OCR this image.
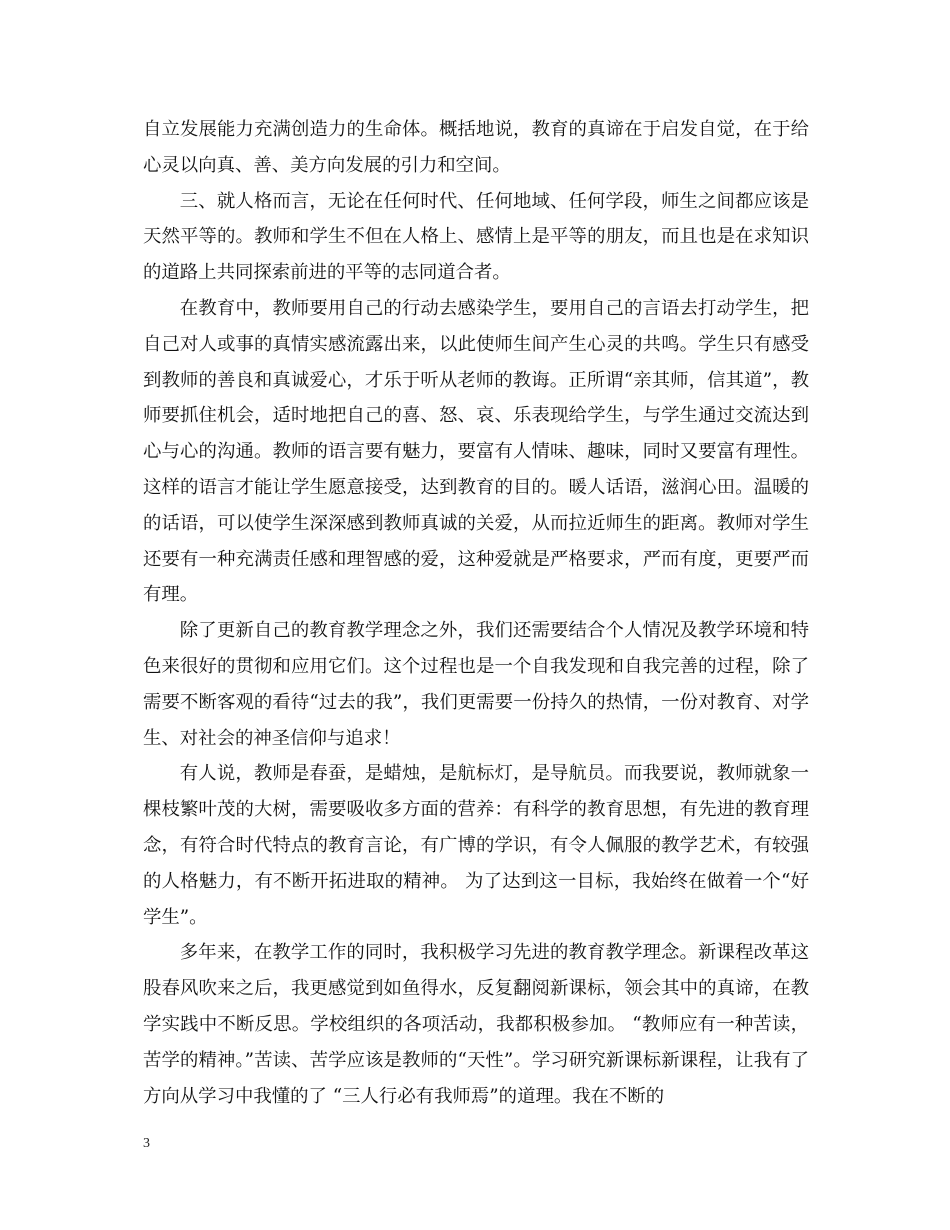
自立发展能力充满创造力的生命体。概括地说，教育的真谛在于启发自觉，在于给心灵以向真、善、美方向发展的引力和空间。

三、就人格而言，无论在任何时代、任何地域、任何学段，师生之间都应该是天然平等的。教师和学生不但在人格上、感情上是平等的朋友，而且也是在求知识的道路上共同探索前进的平等的志同道合者。

在教育中，教师要用自己的行动去感染学生，要用自己的言语去打动学生，把自己对人或事的真情实感流露出来，以此使师生间产生心灵的共鸣。学生只有感受到教师的善良和真诚爱心，才乐于听从老师的教诲。正所谓“亲其师，信其道”，教师要抓住机会，适时地把自己的喜、怒、哀、乐表现给学生，与学生通过交流达到心与心的沟通。教师的语言要有魅力，要富有人情味、趣味，同时又要富有理性。这样的语言才能让学生愿意接受，达到教育的目的。暖人话语，滋润心田。温暖的的话语，可以使学生深深感到教师真诚的关爱，从而拉近师生的距离。教师对学生还要有一种充满责任感和理智感的爱，这种爱就是严格要求，严而有度，更要严而有理。

除了更新自己的教育教学理念之外，我们还需要结合个人情况及教学环境和特色来很好的贯彻和应用它们。这个过程也是一个自我发现和自我完善的过程，除了需要不断客观的看待“过去的我”，我们更需要一份持久的热情，一份对教育、对学生、对社会的神圣信仰与追求！

有人说，教师是春蚕，是蜡烛，是航标灯，是导航员。而我要说，教师就象一棵枝繁叶茂的大树，需要吸收多方面的营养：有科学的教育思想，有先进的教育理念，有符合时代特点的教育言论，有广博的学识，有令人佩服的教学艺术，有较强的人格魅力，有不断开拓进取的精神。 为了达到这一目标，我始终在做着一个“好学生”。

多年来，在教学工作的同时，我积极学习先进的教育教学理念。新课程改革这股春风吹来之后，我更感觉到如鱼得水，反复翻阅新课标，领会其中的真谛，在教学实践中不断反思。学校组织的各项活动，我都积极参加。 “教师应有一种苦读，苦学的精神。”苦读、苦学应该是教师的“天性”。学习研究新课标新课程，让我有了方向从学习中我懂的了 “三人行必有我师焉”的道理。我在不断的

3
